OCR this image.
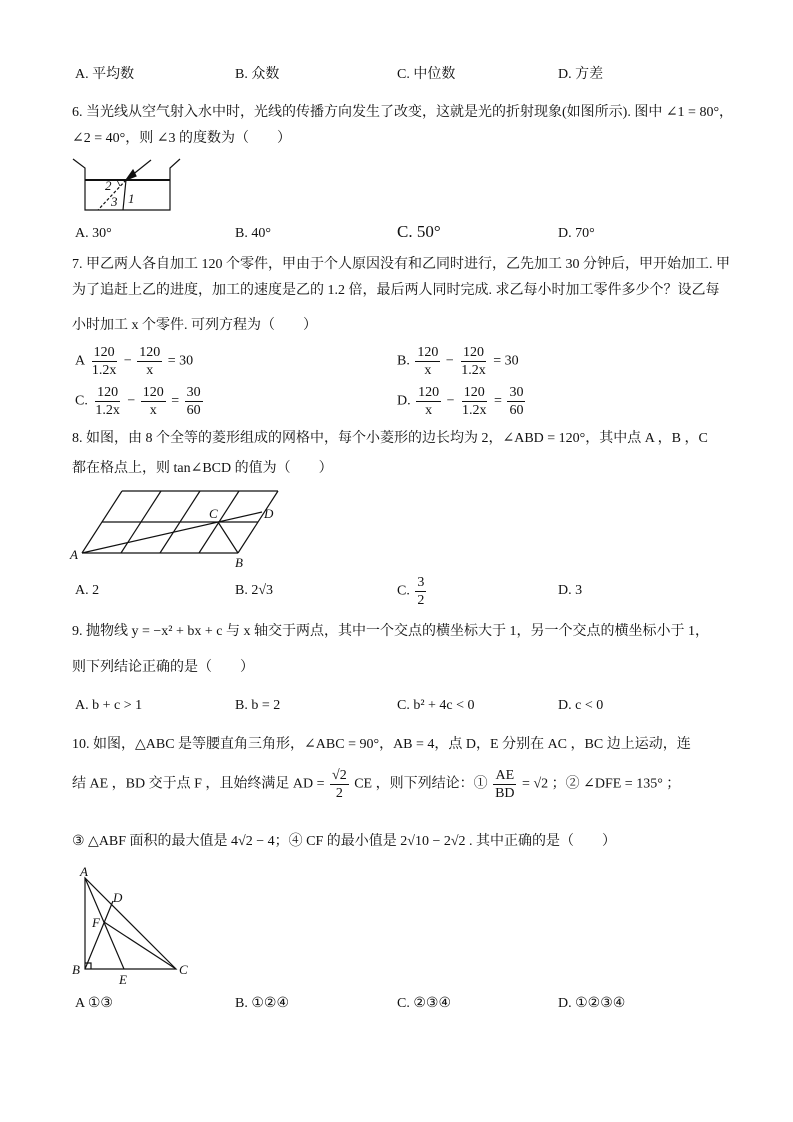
A. 平均数	B. 众数	C. 中位数	D. 方差
6. 当光线从空气射入水中时，光线的传播方向发生了改变，这就是光的折射现象(如图所示). 图中 ∠1 = 80°，
∠2 = 40°，则 ∠3 的度数为（　　）
1
2
3
A. 30°	B. 40°	C. 50°	D. 70°
7. 甲乙两人各自加工 120 个零件，甲由于个人原因没有和乙同时进行，乙先加工 30 分钟后，甲开始加工. 甲
为了追赶上乙的进度，加工的速度是乙的 1.2 倍，最后两人同时完成. 求乙每小时加工零件多少个？设乙每
小时加工 x 个零件. 可列方程为（　　）
A $\frac{120}{1.2x} - \frac{120}{x} = 30$	B. $\frac{120}{x} - \frac{120}{1.2x} = 30$
C. $\frac{120}{1.2x} - \frac{120}{x} = \frac{30}{60}$	D. $\frac{120}{x} - \frac{120}{1.2x} = \frac{30}{60}$
8. 如图，由 8 个全等的菱形组成的网格中，每个小菱形的边长均为 2，∠ABD = 120°，其中点 A ，B ，C
都在格点上，则 tan∠BCD 的值为（　　）
A
B
C	D
A. 2	B. 2√3	C. $\frac{3}{2}$	D. 3
9. 抛物线 y = −x² + bx + c 与 x 轴交于两点，其中一个交点的横坐标大于 1，另一个交点的横坐标小于 1，
则下列结论正确的是（　　）
A. b + c > 1	B. b = 2	C. b² + 4c < 0	D. c < 0
10. 如图，△ABC 是等腰直角三角形，∠ABC = 90°，AB = 4，点 D，E 分别在 AC ，BC 边上运动，连
结 AE ，BD 交于点 F ，且始终满足 AD = $\frac{√2}{2}$ CE ，则下列结论：① $\frac{AE}{BD} = √2$ ；② ∠DFE = 135° ；
③ △ABF 面积的最大值是 4√2 − 4；④ CF 的最小值是 2√10 − 2√2 . 其中正确的是（　　）
A
B	C
D
E
F
A ①③	B. ①②④	C. ②③④	D. ①②③④
